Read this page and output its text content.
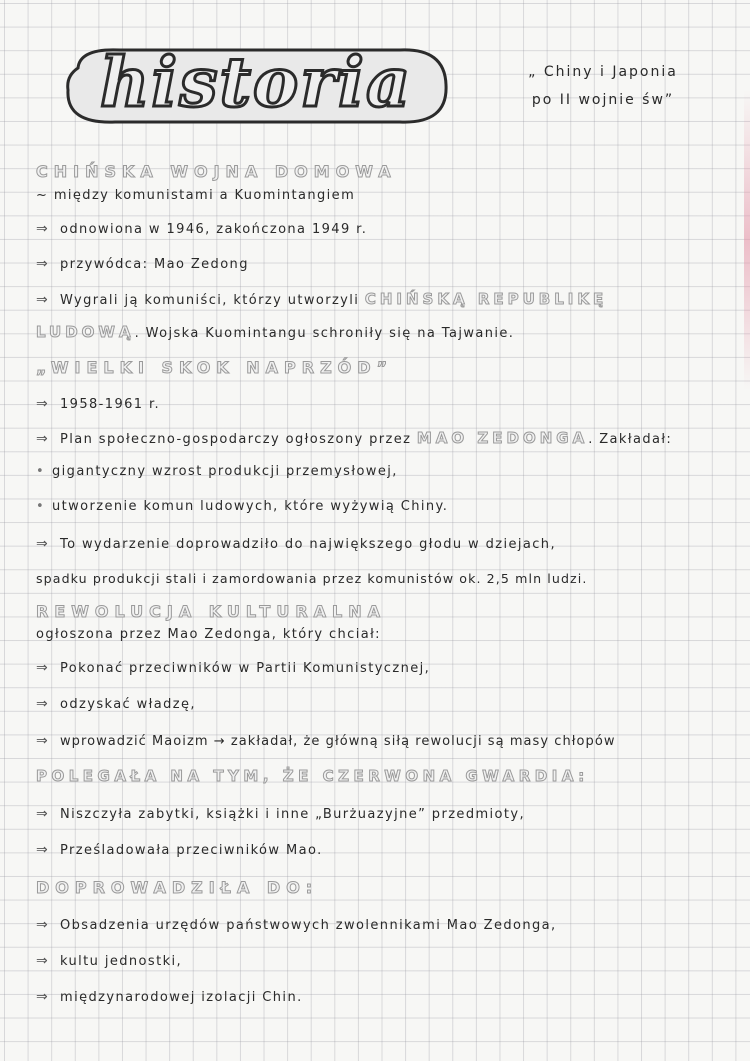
historia	„ Chiny i Japonia
po II wojnie św”
CHIŃSKA WOJNA DOMOWA
~ między komunistami a Kuomintangiem
⇒ odnowiona w 1946, zakończona 1949 r.
⇒ przywódca: Mao Zedong
⇒ Wygrali ją komuniści, którzy utworzyli CHIŃSKĄ REPUBLIKĘ
LUDOWĄ. Wojska Kuomintangu schroniły się na Tajwanie.
„WIELKI SKOK NAPRZÓD”
⇒ 1958-1961 r.
⇒ Plan społeczno-gospodarczy ogłoszony przez MAO ZEDONGA. Zakładał:
• gigantyczny wzrost produkcji przemysłowej,
• utworzenie komun ludowych, które wyżywią Chiny.
⇒ To wydarzenie doprowadziło do największego głodu w dziejach,
spadku produkcji stali i zamordowania przez komunistów ok. 2,5 mln ludzi.
REWOLUCJA KULTURALNA
ogłoszona przez Mao Zedonga, który chciał:
⇒ Pokonać przeciwników w Partii Komunistycznej,
⇒ odzyskać władzę,
⇒ wprowadzić Maoizm → zakładał, że główną siłą rewolucji są masy chłopów
POLEGAŁA NA TYM, ŻE CZERWONA GWARDIA:
⇒ Niszczyła zabytki, książki i inne „Burżuazyjne” przedmioty,
⇒ Prześladowała przeciwników Mao.
DOPROWADZIŁA DO:
⇒ Obsadzenia urzędów państwowych zwolennikami Mao Zedonga,
⇒ kultu jednostki,
⇒ międzynarodowej izolacji Chin.
